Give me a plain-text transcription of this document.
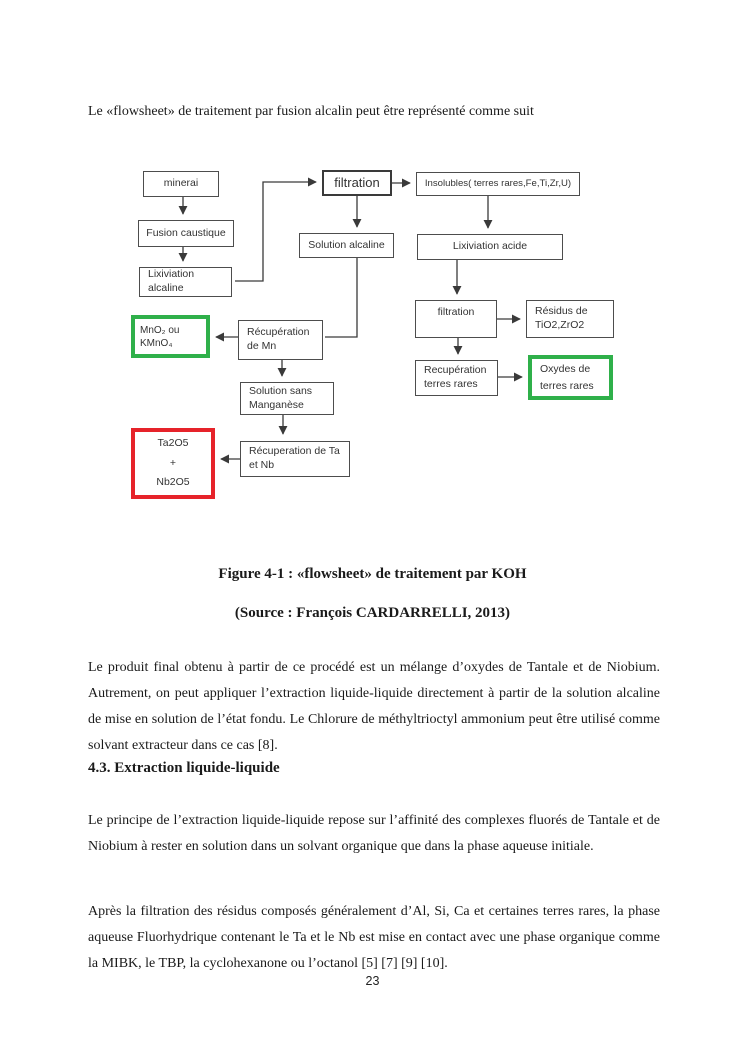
Le «flowsheet» de traitement par fusion alcalin peut être représenté comme suit

minerai	filtration	Insolubles( terres rares,Fe,Ti,Zr,U)
Fusion caustique
Solution alcaline	Lixiviation acide
Lixiviation alcaline
filtration	Résidus de TiO2,ZrO2
MnO₂ ou KMnO₄
Récupération de Mn
Recupération terres rares
Oxydes de terres rares
Solution sans Manganèse
Récuperation de Ta et Nb
Ta2O5
+
Nb2O5
Figure 4-1 : «flowsheet» de traitement par KOH
(Source : François CARDARRELLI, 2013)

Le produit final obtenu à partir de ce procédé est un mélange d’oxydes de Tantale et de Niobium. Autrement, on peut appliquer l’extraction liquide-liquide directement à partir de la solution alcaline de mise en solution de l’état fondu. Le Chlorure de méthyltrioctyl ammonium peut être utilisé comme solvant extracteur dans ce cas [8].

4.3. Extraction liquide-liquide

Le principe de l’extraction liquide-liquide repose sur l’affinité des complexes fluorés de Tantale et de Niobium à rester en solution dans un solvant organique que dans la phase aqueuse initiale.

Après la filtration des résidus composés généralement d’Al, Si, Ca et certaines terres rares, la phase aqueuse Fluorhydrique contenant le Ta et le Nb est mise en contact avec une phase organique comme la MIBK, le TBP, la cyclohexanone ou l’octanol [5] [7] [9] [10].

23
